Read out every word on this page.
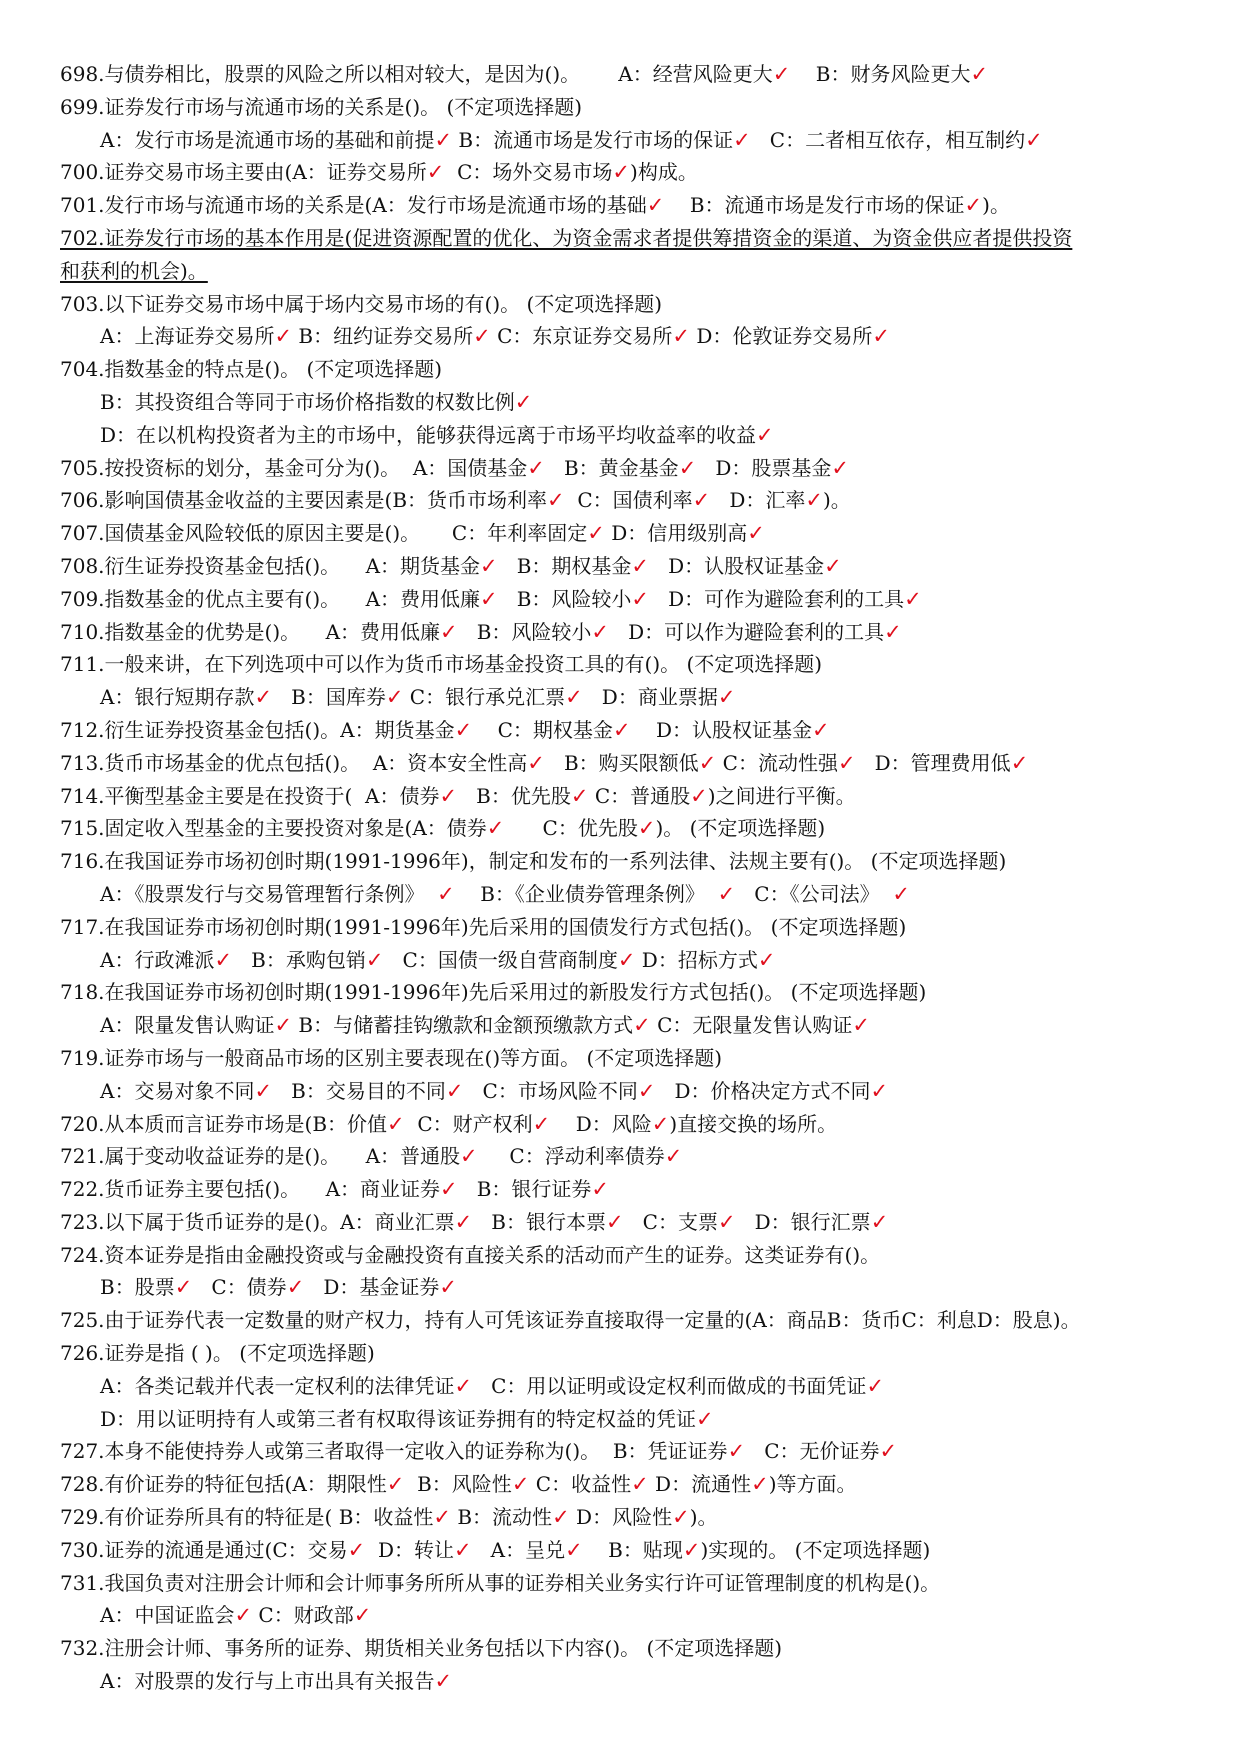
698.与债券相比，股票的风险之所以相对较大，是因为()。      A：经营风险更大✓    B：财务风险更大✓
699.证券发行市场与流通市场的关系是()。 (不定项选择题)
A：发行市场是流通市场的基础和前提✓ B：流通市场是发行市场的保证✓   C：二者相互依存，相互制约✓
700.证券交易市场主要由(A：证券交易所✓  C：场外交易市场✓)构成。
701.发行市场与流通市场的关系是(A：发行市场是流通市场的基础✓    B：流通市场是发行市场的保证✓)。
702.证券发行市场的基本作用是(促进资源配置的优化、为资金需求者提供筹措资金的渠道、为资金供应者提供投资
和获利的机会)。
703.以下证券交易市场中属于场内交易市场的有()。 (不定项选择题)
A：上海证券交易所✓ B：纽约证券交易所✓ C：东京证券交易所✓ D：伦敦证券交易所✓
704.指数基金的特点是()。 (不定项选择题)
B：其投资组合等同于市场价格指数的权数比例✓
D：在以机构投资者为主的市场中，能够获得远离于市场平均收益率的收益✓
705.按投资标的划分，基金可分为()。  A：国债基金✓   B：黄金基金✓   D：股票基金✓
706.影响国债基金收益的主要因素是(B：货币市场利率✓  C：国债利率✓   D：汇率✓)。
707.国债基金风险较低的原因主要是()。     C：年利率固定✓ D：信用级别高✓
708.衍生证券投资基金包括()。    A：期货基金✓   B：期权基金✓   D：认股权证基金✓
709.指数基金的优点主要有()。    A：费用低廉✓   B：风险较小✓   D：可作为避险套利的工具✓
710.指数基金的优势是()。    A：费用低廉✓   B：风险较小✓   D：可以作为避险套利的工具✓
711.一般来讲，在下列选项中可以作为货币市场基金投资工具的有()。 (不定项选择题)
A：银行短期存款✓   B：国库券✓ C：银行承兑汇票✓   D：商业票据✓
712.衍生证券投资基金包括()。A：期货基金✓    C：期权基金✓    D：认股权证基金✓
713.货币市场基金的优点包括()。  A：资本安全性高✓   B：购买限额低✓ C：流动性强✓   D：管理费用低✓
714.平衡型基金主要是在投资于(  A：债券✓   B：优先股✓ C：普通股✓)之间进行平衡。
715.固定收入型基金的主要投资对象是(A：债券✓      C：优先股✓)。 (不定项选择题)
716.在我国证券市场初创时期(1991-1996年)，制定和发布的一系列法律、法规主要有()。 (不定项选择题)
A：《股票发行与交易管理暂行条例》  ✓    B：《企业债券管理条例》  ✓   C：《公司法》  ✓
717.在我国证券市场初创时期(1991-1996年)先后采用的国债发行方式包括()。 (不定项选择题)
A：行政滩派✓   B：承购包销✓   C：国债一级自营商制度✓ D：招标方式✓
718.在我国证券市场初创时期(1991-1996年)先后采用过的新股发行方式包括()。 (不定项选择题)
A：限量发售认购证✓ B：与储蓄挂钩缴款和金额预缴款方式✓ C：无限量发售认购证✓
719.证券市场与一般商品市场的区别主要表现在()等方面。 (不定项选择题)
A：交易对象不同✓   B：交易目的不同✓   C：市场风险不同✓   D：价格决定方式不同✓
720.从本质而言证券市场是(B：价值✓  C：财产权利✓    D：风险✓)直接交换的场所。
721.属于变动收益证券的是()。    A：普通股✓     C：浮动利率债券✓
722.货币证券主要包括()。    A：商业证券✓   B：银行证券✓
723.以下属于货币证券的是()。A：商业汇票✓   B：银行本票✓   C：支票✓   D：银行汇票✓
724.资本证券是指由金融投资或与金融投资有直接关系的活动而产生的证券。这类证券有()。
B：股票✓   C：债券✓   D：基金证券✓
725.由于证券代表一定数量的财产权力，持有人可凭该证券直接取得一定量的(A：商品B：货币C：利息D：股息)。
726.证券是指 ( )。 (不定项选择题)
A：各类记载并代表一定权利的法律凭证✓   C：用以证明或设定权利而做成的书面凭证✓
D：用以证明持有人或第三者有权取得该证券拥有的特定权益的凭证✓
727.本身不能使持券人或第三者取得一定收入的证券称为()。  B：凭证证券✓   C：无价证券✓
728.有价证券的特征包括(A：期限性✓  B：风险性✓ C：收益性✓ D：流通性✓)等方面。
729.有价证券所具有的特征是( B：收益性✓ B：流动性✓ D：风险性✓)。
730.证券的流通是通过(C：交易✓  D：转让✓   A：呈兑✓    B：贴现✓)实现的。 (不定项选择题)
731.我国负责对注册会计师和会计师事务所所从事的证券相关业务实行许可证管理制度的机构是()。
A：中国证监会✓ C：财政部✓
732.注册会计师、事务所的证券、期货相关业务包括以下内容()。 (不定项选择题)
A：对股票的发行与上市出具有关报告✓
